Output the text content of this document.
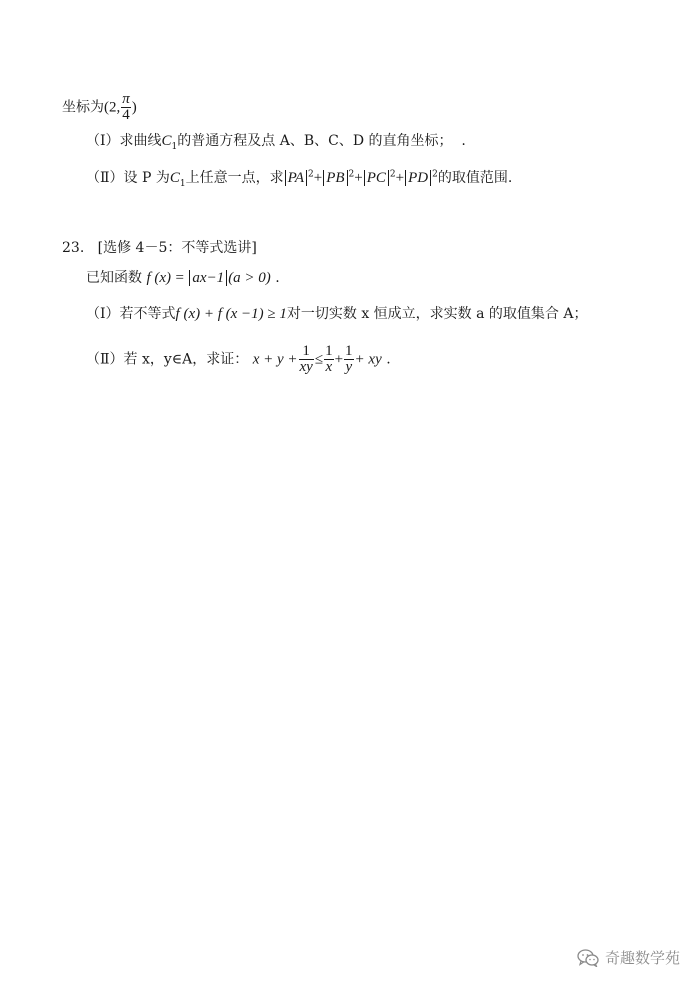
坐标为(2, $\frac{\pi}{4}$ )
（Ⅰ）求曲线$C_1$的普通方程及点 A、B、C、D 的直角坐标； .
（Ⅱ）设 P 为$C_1$上任意一点，求 PA $^2$+ PB $^2$+ PC $^2$+ PD $^2$的取值范围.
23. [选修 4－5：不等式选讲]
已知函数 f (x) = ax−1 (a > 0) .
（Ⅰ）若不等式f (x) + f (x −1) ≥ 1对一切实数 x 恒成立，求实数 a 的取值集合 A；
（Ⅱ）若 x，y∈A，求证： $x + y + \frac{1}{xy} \le \frac{1}{x} + \frac{1}{y}$ + xy .
奇趣数学苑
